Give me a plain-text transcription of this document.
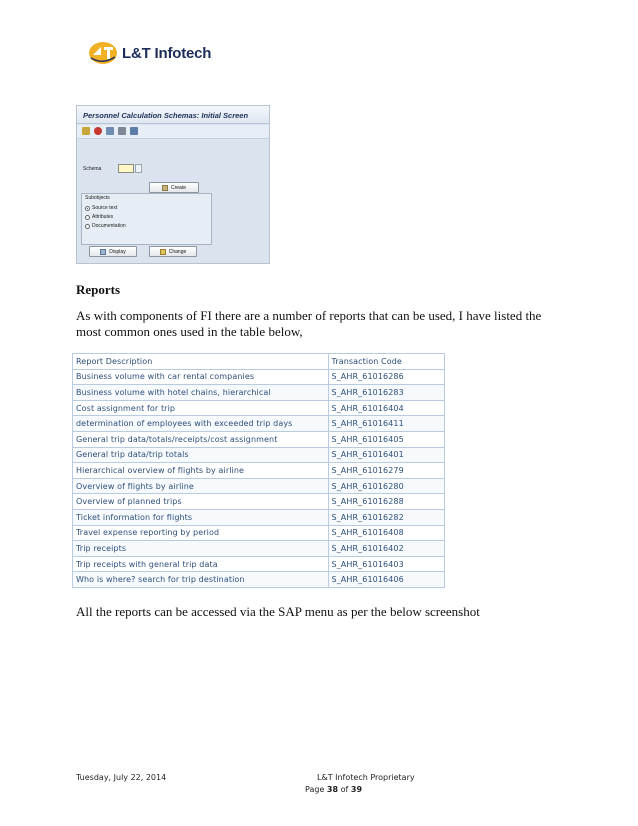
L&T Infotech
Personnel Calculation Schemas: Initial Screen
Schema
Create
Subobjects
Source text
Attributes
Documentation
Display	Change
Reports
As with components of FI there are a number of reports that can be used, I have listed the most common ones used in the table below,
Report Description	Transaction Code
Business volume with car rental companies	S_AHR_61016286
Business volume with hotel chains, hierarchical	S_AHR_61016283
Cost assignment for trip	S_AHR_61016404
determination of employees with exceeded trip days	S_AHR_61016411
General trip data/totals/receipts/cost assignment	S_AHR_61016405
General trip data/trip totals	S_AHR_61016401
Hierarchical overview of flights by airline	S_AHR_61016279
Overview of flights by airline	S_AHR_61016280
Overview of planned trips	S_AHR_61016288
Ticket information for flights	S_AHR_61016282
Travel expense reporting by period	S_AHR_61016408
Trip receipts	S_AHR_61016402
Trip receipts with general trip data	S_AHR_61016403
Who is where? search for trip destination	S_AHR_61016406
All the reports can be accessed via the SAP menu as per the below screenshot
Tuesday, July 22, 2014	L&T Infotech Proprietary
Page 38 of 39
